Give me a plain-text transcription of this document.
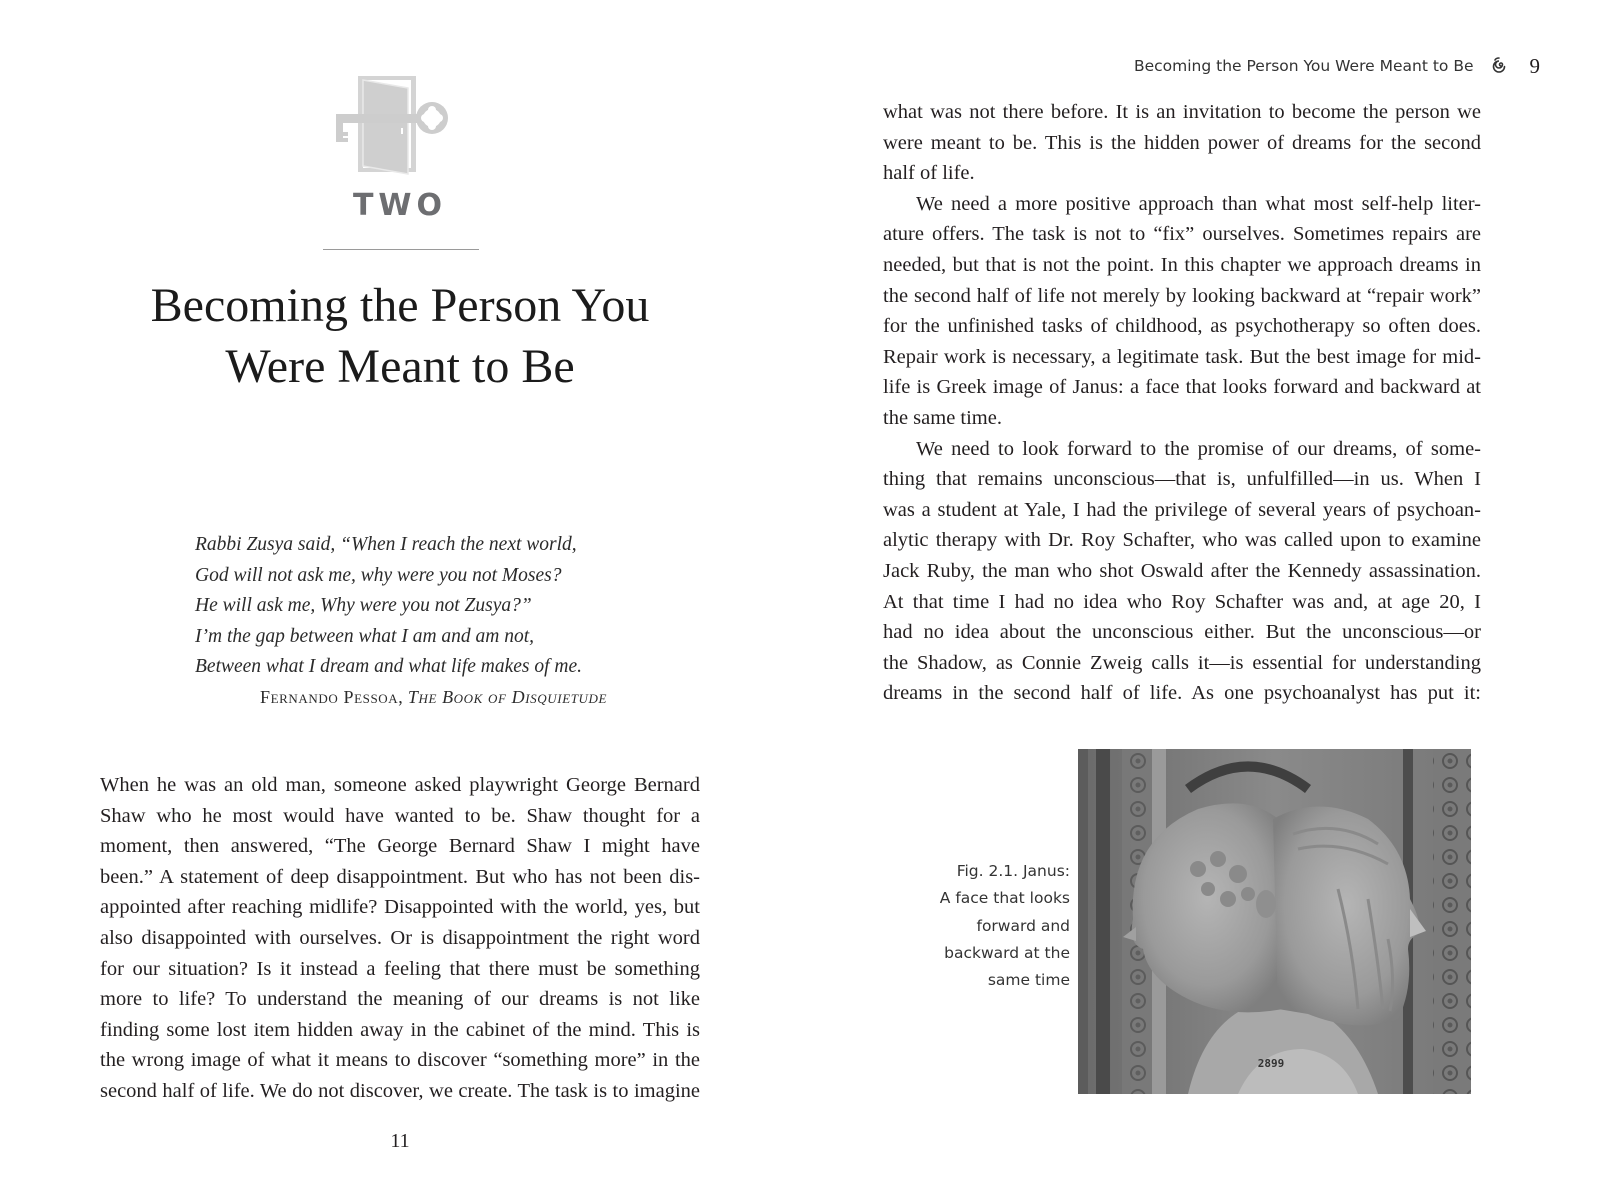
TWO
Becoming the Person You
Were Meant to Be
Rabbi Zusya said, “When I reach the next world,
God will not ask me, why were you not Moses?
He will ask me, Why were you not Zusya?”
I’m the gap between what I am and am not,
Between what I dream and what life makes of me.
Fernando Pessoa, The Book of Disquietude
When he was an old man, someone asked playwright George Bernard
Shaw who he most would have wanted to be. Shaw thought for a
moment, then answered, “The George Bernard Shaw I might have
been.” A statement of deep disappointment. But who has not been dis-
appointed after reaching midlife? Disappointed with the world, yes, but
also disappointed with ourselves. Or is disappointment the right word
for our situation? Is it instead a feeling that there must be something
more to life? To understand the meaning of our dreams is not like
finding some lost item hidden away in the cabinet of the mind. This is
the wrong image of what it means to discover “something more” in the
second half of life. We do not discover, we create. The task is to imagine
11
Becoming the Person You Were Meant to Be	9
what was not there before. It is an invitation to become the person we
were meant to be. This is the hidden power of dreams for the second
half of life.
We need a more positive approach than what most self-help liter-
ature offers. The task is not to “fix” ourselves. Sometimes repairs are
needed, but that is not the point. In this chapter we approach dreams in
the second half of life not merely by looking backward at “repair work”
for the unfinished tasks of childhood, as psychotherapy so often does.
Repair work is necessary, a legitimate task. But the best image for mid-
life is Greek image of Janus: a face that looks forward and backward at
the same time.
We need to look forward to the promise of our dreams, of some-
thing that remains unconscious—that is, unfulfilled—in us. When I
was a student at Yale, I had the privilege of several years of psychoan-
alytic therapy with Dr. Roy Schafter, who was called upon to examine
Jack Ruby, the man who shot Oswald after the Kennedy assassination.
At that time I had no idea who Roy Schafter was and, at age 20, I
had no idea about the unconscious either. But the unconscious—or
the Shadow, as Connie Zweig calls it—is essential for understanding
dreams in the second half of life. As one psychoanalyst has put it:
Fig. 2.1. Janus:
A face that looks
forward and
backward at the
same time
2899
